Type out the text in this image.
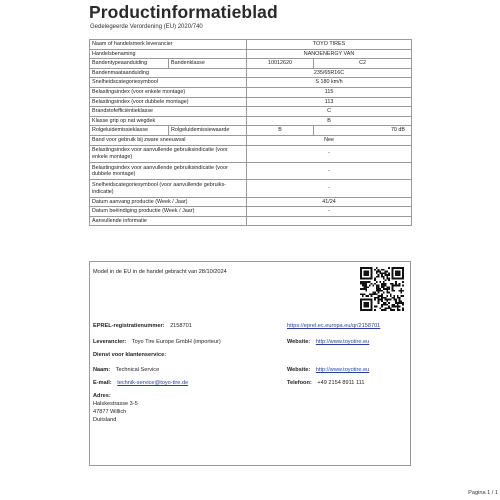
Productinformatieblad
Gedelegeerde Verordening (EU) 2020/740
Naam of handelsmerk leverancier		TOYO TIRES	
Handelsbenaming		NANOENERGY VAN	
Bandentypeaanduiding	Bandenklasse	10012620	C2
Bandenmaataanduiding		235/65R16C	
Snelheidscategoriesymbool		S 180 km/h	
Belastingsindex (voor enkele montage)		115	
Belastingsindex (voor dubbele montage)		113	
Brandstofefficiëntieklasse		C	
Klasse grip op nat wegdek		B	
Rolgeluidemissieklasse	Rolgeluidemissiewaarde	B	70 dB
Band voor gebruik bij zware sneeuwval		Nee	
Belastingsindex voor aanvullende gebruiksindicatie (voor enkele montage)		-	
Belastingsindex voor aanvullende gebruiksindicatie (voor dubbele montage)		-	
Snelheidscategoriesymbool (voor aanvullende gebruiks-indicatie)		-	
Datum aanvang productie (Week / Jaar)		41/24	
Datum beëindiging productie (Week / Jaar)		-	
Aanvullende informatie			
Model in de EU in de handel gebracht van 28/10/2024
EPREL-registratienummer: 2158701	https://eprel.ec.europa.eu/qr/2158701
Leverancier: Toyo Tire Europe GmbH (importeur)	Website: http://www.toyotire.eu
Dienst voor klantenservice:
Naam: Technical Service	Website: http://www.toyotire.eu
E-mail: technik-service@toyo-tire.de	Telefoon: +49 2154 8911 111
Adres:
Halskestrasse 3-5
47877 Willich
Duitsland
Pagina 1 / 1
